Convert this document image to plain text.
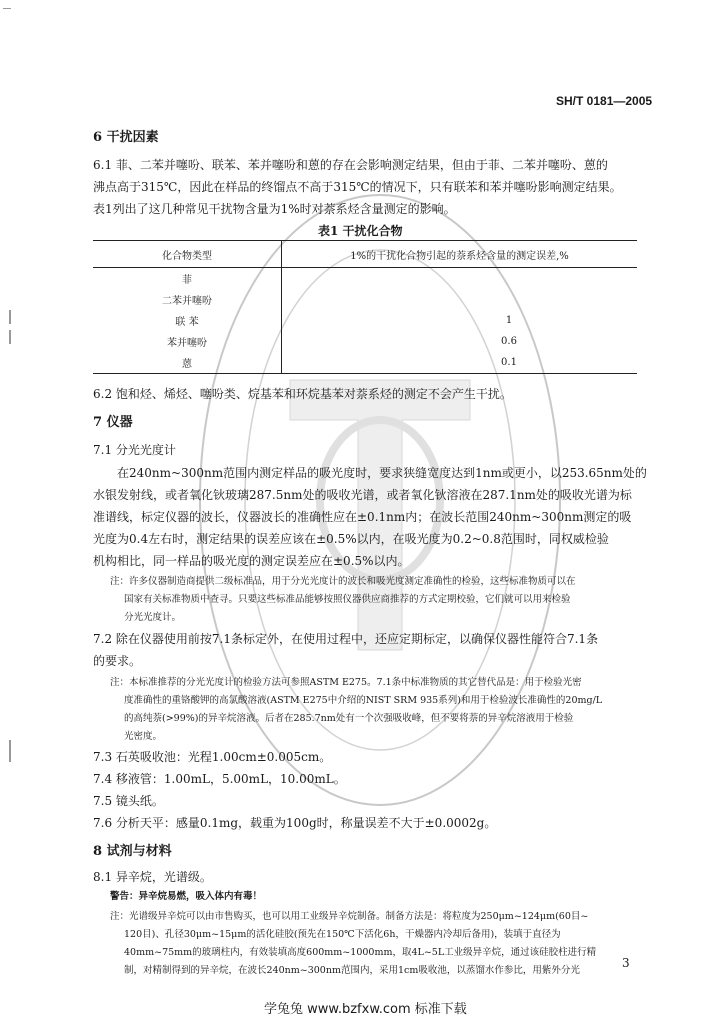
SH/T 0181—2005
6 干扰因素
6.1 菲、二苯并噻吩、联苯、苯并噻吩和蒽的存在会影响测定结果，但由于菲、二苯并噻吩、蒽的
沸点高于315℃，因此在样品的终馏点不高于315℃的情况下，只有联苯和苯并噻吩影响测定结果。
表1列出了这几种常见干扰物含量为1%时对萘系烃含量测定的影响。
表1 干扰化合物
化合物类型	1%的干扰化合物引起的萘系烃含量的测定误差,%
菲	
二苯并噻吩	
联 苯	1
苯并噻吩	0.6
蒽	0.1
6.2 饱和烃、烯烃、噻吩类、烷基苯和环烷基苯对萘系烃的测定不会产生干扰。
7 仪器
7.1 分光光度计
在240nm~300nm范围内测定样品的吸光度时，要求狭缝宽度达到1nm或更小，以253.65nm处的
水银发射线，或者氧化钬玻璃287.5nm处的吸收光谱，或者氧化钬溶液在287.1nm处的吸收光谱为标
准谱线，标定仪器的波长，仪器波长的准确性应在±0.1nm内；在波长范围240nm~300nm测定的吸
光度为0.4左右时，测定结果的误差应该在±0.5%以内，在吸光度为0.2~0.8范围时，同权威检验
机构相比，同一样品的吸光度的测定误差应在±0.5%以内。
注：许多仪器制造商提供二级标准品，用于分光光度计的波长和吸光度测定准确性的检验，这些标准物质可以在
国家有关标准物质中查寻。只要这些标准品能够按照仪器供应商推荐的方式定期校验，它们就可以用来检验
分光光度计。
7.2 除在仪器使用前按7.1条标定外，在使用过程中，还应定期标定，以确保仪器性能符合7.1条
的要求。
注：本标准推荐的分光光度计的检验方法可参照ASTM E275。7.1条中标准物质的其它替代品是：用于检验光密
度准确性的重铬酸钾的高氯酸溶液(ASTM E275中介绍的NIST SRM 935系列)和用于检验波长准确性的20mg/L
的高纯萘(>99%)的异辛烷溶液。后者在285.7nm处有一个次强吸收峰，但不要将萘的异辛烷溶液用于检验
光密度。
7.3 石英吸收池：光程1.00cm±0.005cm。
7.4 移液管：1.00mL，5.00mL，10.00mL。
7.5 镜头纸。
7.6 分析天平：感量0.1mg，载重为100g时，称量误差不大于±0.0002g。
8 试剂与材料
8.1 异辛烷，光谱级。
警告：异辛烷易燃，吸入体内有毒！
注：光谱级异辛烷可以由市售购买，也可以用工业级异辛烷制备。制备方法是：将粒度为250μm~124μm(60目~
120目)、孔径30μm~15μm的活化硅胶(预先在150℃下活化6h，干燥器内冷却后备用)，装填于直径为
40mm~75mm的玻璃柱内，有效装填高度600mm~1000mm，取4L~5L工业级异辛烷，通过该硅胶柱进行精
制，对精制得到的异辛烷，在波长240nm~300nm范围内，采用1cm吸收池，以蒸馏水作参比，用紫外分光
3
学兔兔 www.bzfxw.com 标准下载
